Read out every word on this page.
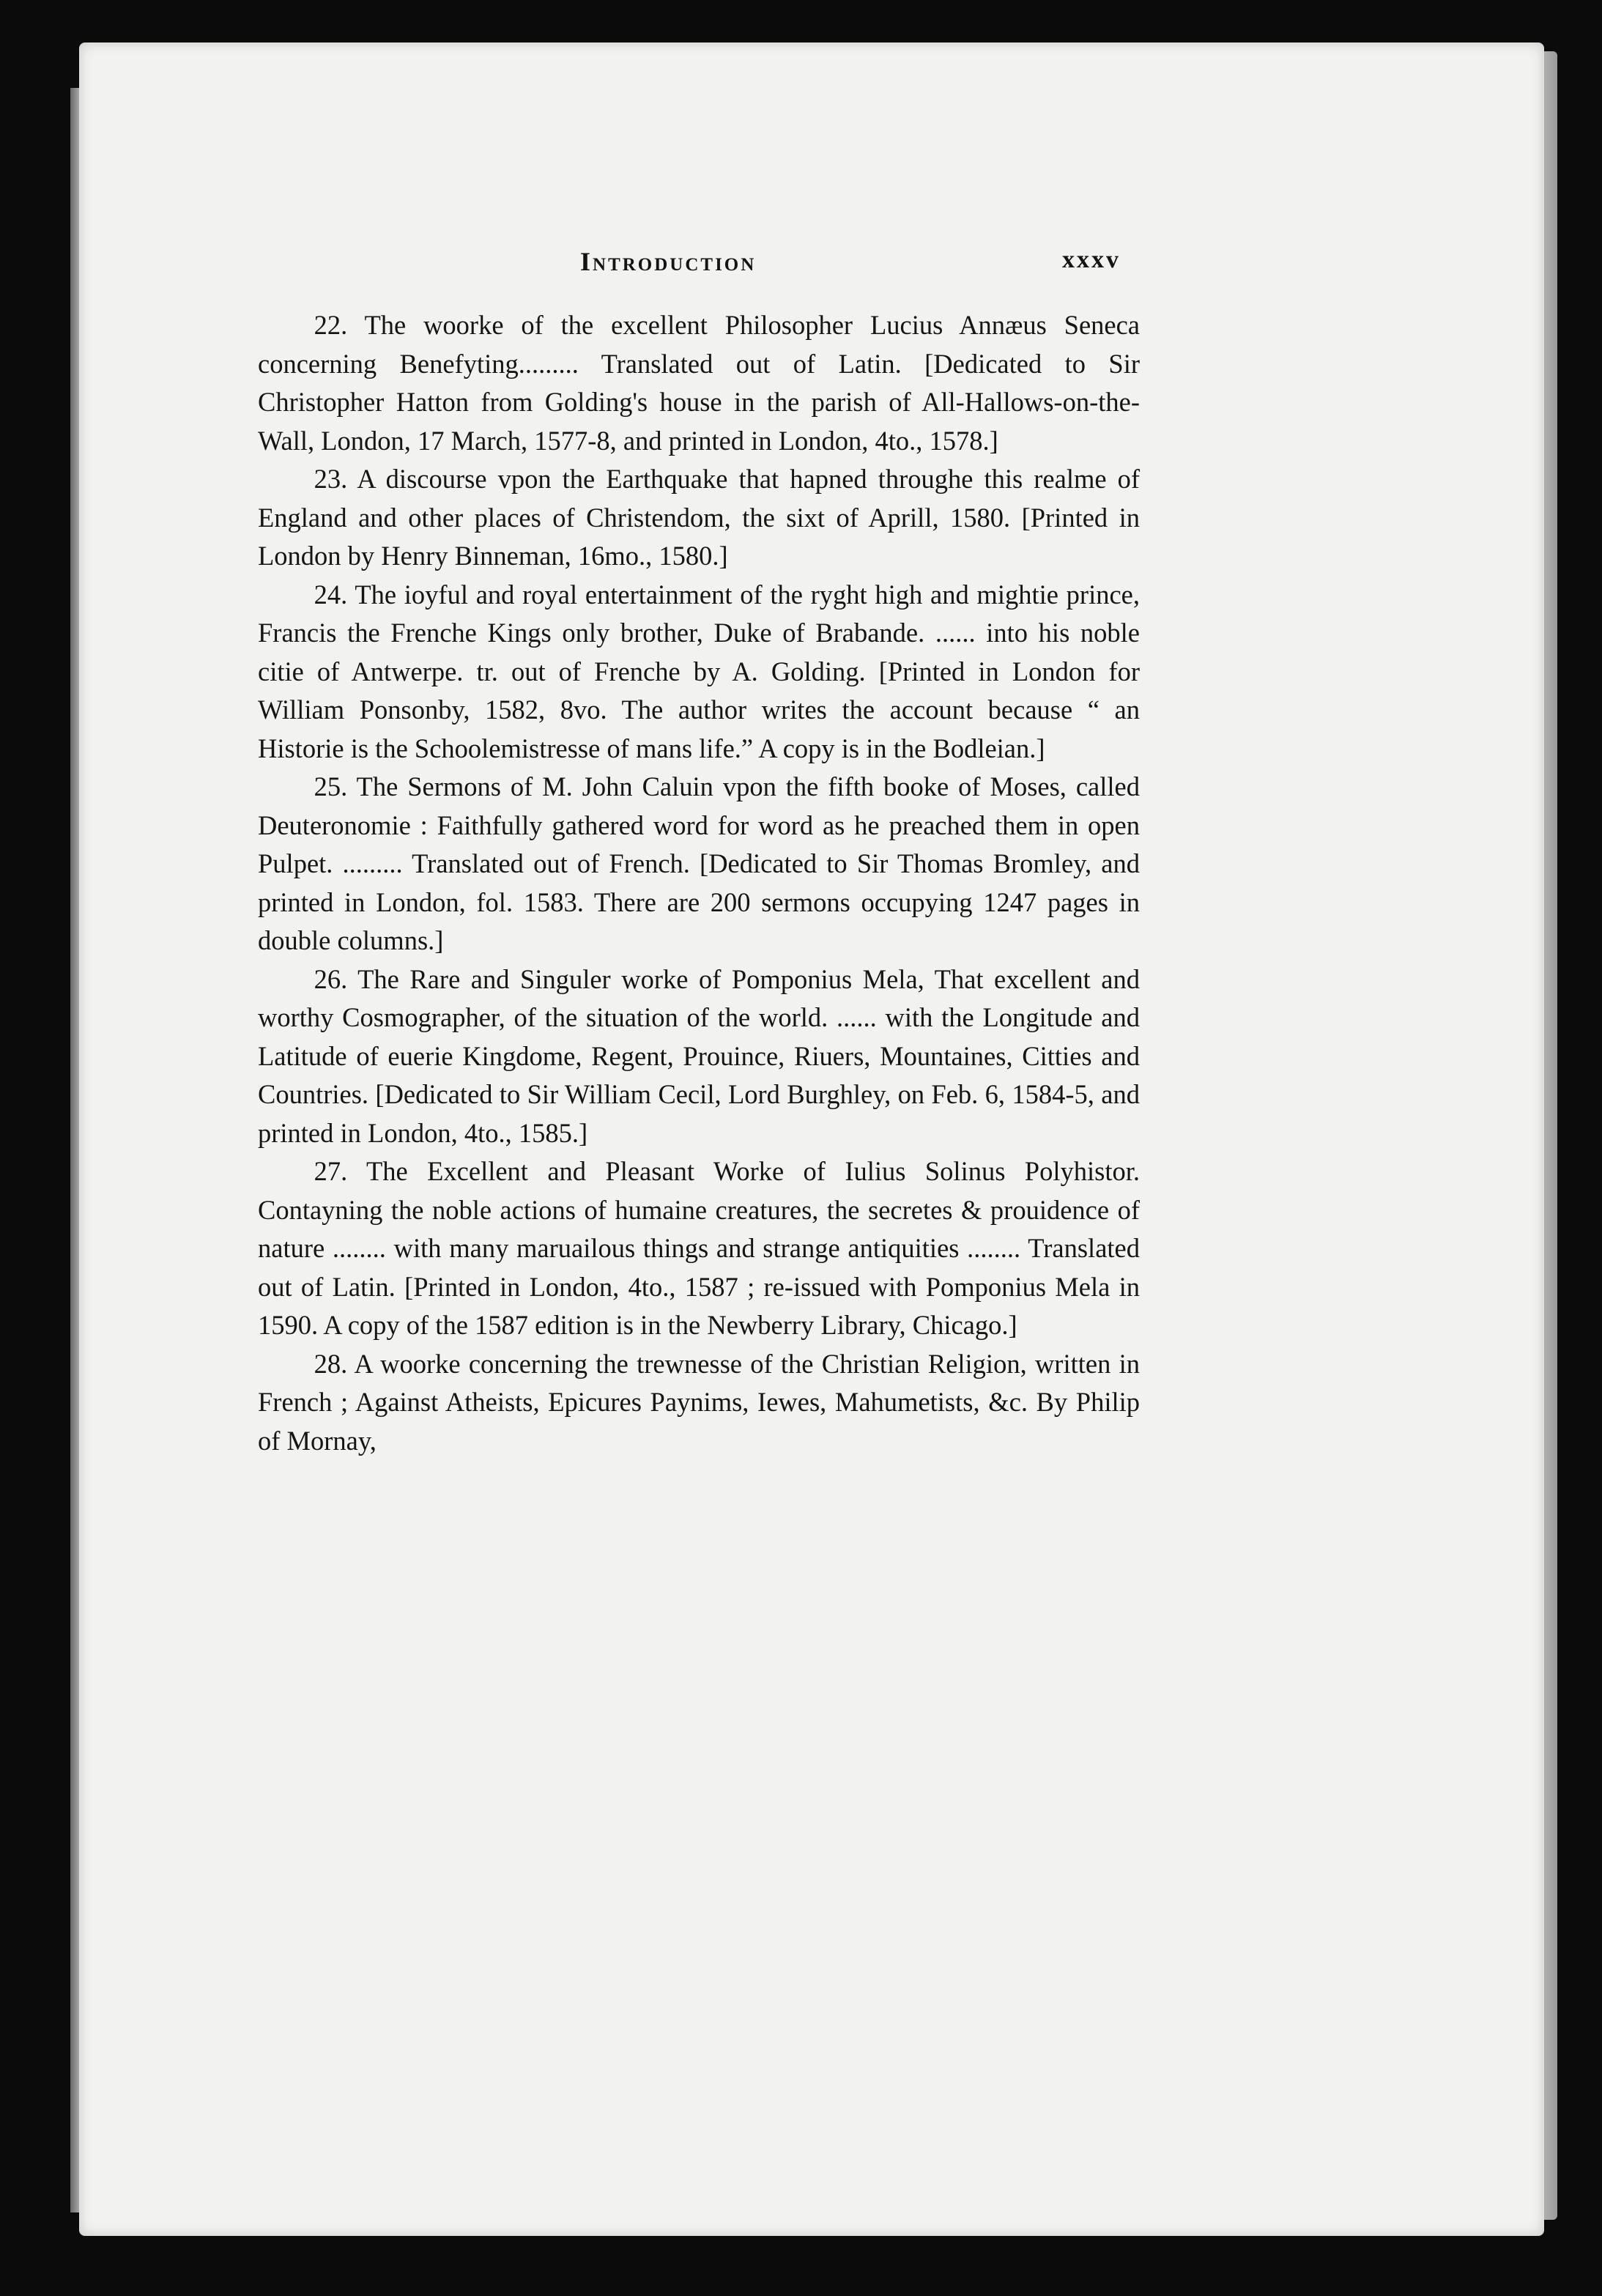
Introduction	xxxv

22. The woorke of the excellent Philosopher Lucius Annæus Seneca concerning Benefyting......... Translated out of Latin. [Dedicated to Sir Christopher Hatton from Golding's house in the parish of All-Hallows-on-the-Wall, London, 17 March, 1577-8, and printed in London, 4to., 1578.]

23. A discourse vpon the Earthquake that hapned throughe this realme of England and other places of Christendom, the sixt of Aprill, 1580. [Printed in London by Henry Binneman, 16mo., 1580.]

24. The ioyful and royal entertainment of the ryght high and mightie prince, Francis the Frenche Kings only brother, Duke of Brabande. ...... into his noble citie of Antwerpe. tr. out of Frenche by A. Golding. [Printed in London for William Ponsonby, 1582, 8vo. The author writes the account because “ an Historie is the Schoolemistresse of mans life.” A copy is in the Bodleian.]

25. The Sermons of M. John Caluin vpon the fifth booke of Moses, called Deuteronomie : Faithfully gathered word for word as he preached them in open Pulpet. ......... Translated out of French. [Dedicated to Sir Thomas Bromley, and printed in London, fol. 1583. There are 200 sermons occupying 1247 pages in double columns.]

26. The Rare and Singuler worke of Pomponius Mela, That excellent and worthy Cosmographer, of the situation of the world. ...... with the Longitude and Latitude of euerie Kingdome, Regent, Prouince, Riuers, Mountaines, Citties and Countries. [Dedicated to Sir William Cecil, Lord Burghley, on Feb. 6, 1584-5, and printed in London, 4to., 1585.]

27. The Excellent and Pleasant Worke of Iulius Solinus Polyhistor. Contayning the noble actions of humaine creatures, the secretes & prouidence of nature ........ with many maruailous things and strange antiquities ........ Translated out of Latin. [Printed in London, 4to., 1587 ; re-issued with Pomponius Mela in 1590. A copy of the 1587 edition is in the Newberry Library, Chicago.]

28. A woorke concerning the trewnesse of the Christian Religion, written in French ; Against Atheists, Epicures Paynims, Iewes, Mahumetists, &c. By Philip of Mornay,
